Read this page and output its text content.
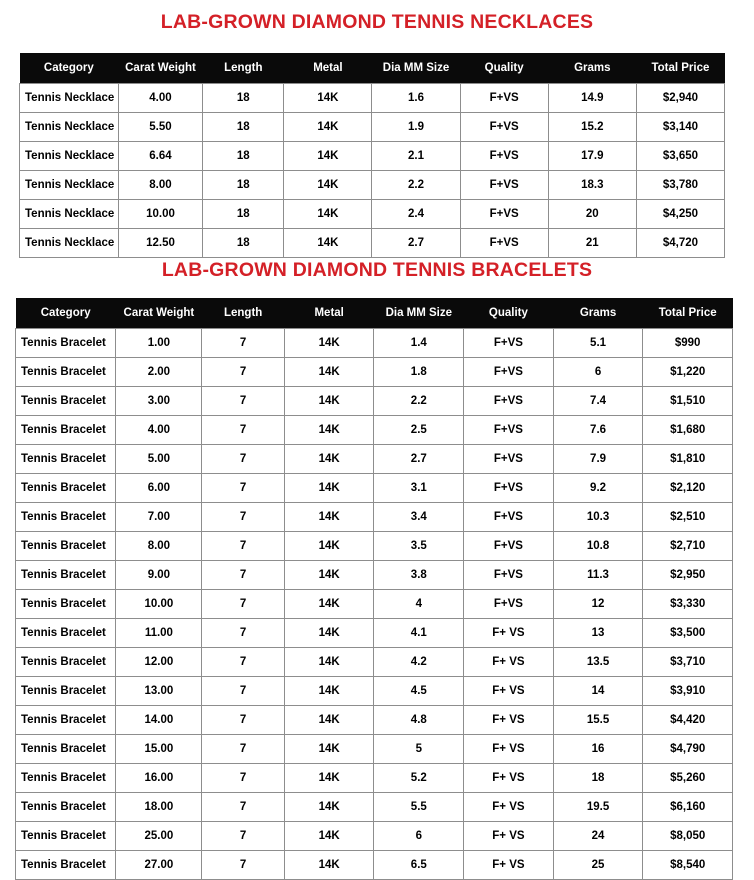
LAB-GROWN DIAMOND TENNIS NECKLACES
Category	Carat Weight	Length	Metal	Dia MM Size	Quality	Grams	Total Price
Tennis Necklace	4.00	18	14K	1.6	F+VS	14.9	$2,940
Tennis Necklace	5.50	18	14K	1.9	F+VS	15.2	$3,140
Tennis Necklace	6.64	18	14K	2.1	F+VS	17.9	$3,650
Tennis Necklace	8.00	18	14K	2.2	F+VS	18.3	$3,780
Tennis Necklace	10.00	18	14K	2.4	F+VS	20	$4,250
Tennis Necklace	12.50	18	14K	2.7	F+VS	21	$4,720
LAB-GROWN DIAMOND TENNIS BRACELETS
Category	Carat Weight	Length	Metal	Dia MM Size	Quality	Grams	Total Price
Tennis Bracelet	1.00	7	14K	1.4	F+VS	5.1	$990
Tennis Bracelet	2.00	7	14K	1.8	F+VS	6	$1,220
Tennis Bracelet	3.00	7	14K	2.2	F+VS	7.4	$1,510
Tennis Bracelet	4.00	7	14K	2.5	F+VS	7.6	$1,680
Tennis Bracelet	5.00	7	14K	2.7	F+VS	7.9	$1,810
Tennis Bracelet	6.00	7	14K	3.1	F+VS	9.2	$2,120
Tennis Bracelet	7.00	7	14K	3.4	F+VS	10.3	$2,510
Tennis Bracelet	8.00	7	14K	3.5	F+VS	10.8	$2,710
Tennis Bracelet	9.00	7	14K	3.8	F+VS	11.3	$2,950
Tennis Bracelet	10.00	7	14K	4	F+VS	12	$3,330
Tennis Bracelet	11.00	7	14K	4.1	F+ VS	13	$3,500
Tennis Bracelet	12.00	7	14K	4.2	F+ VS	13.5	$3,710
Tennis Bracelet	13.00	7	14K	4.5	F+ VS	14	$3,910
Tennis Bracelet	14.00	7	14K	4.8	F+ VS	15.5	$4,420
Tennis Bracelet	15.00	7	14K	5	F+ VS	16	$4,790
Tennis Bracelet	16.00	7	14K	5.2	F+ VS	18	$5,260
Tennis Bracelet	18.00	7	14K	5.5	F+ VS	19.5	$6,160
Tennis Bracelet	25.00	7	14K	6	F+ VS	24	$8,050
Tennis Bracelet	27.00	7	14K	6.5	F+ VS	25	$8,540
